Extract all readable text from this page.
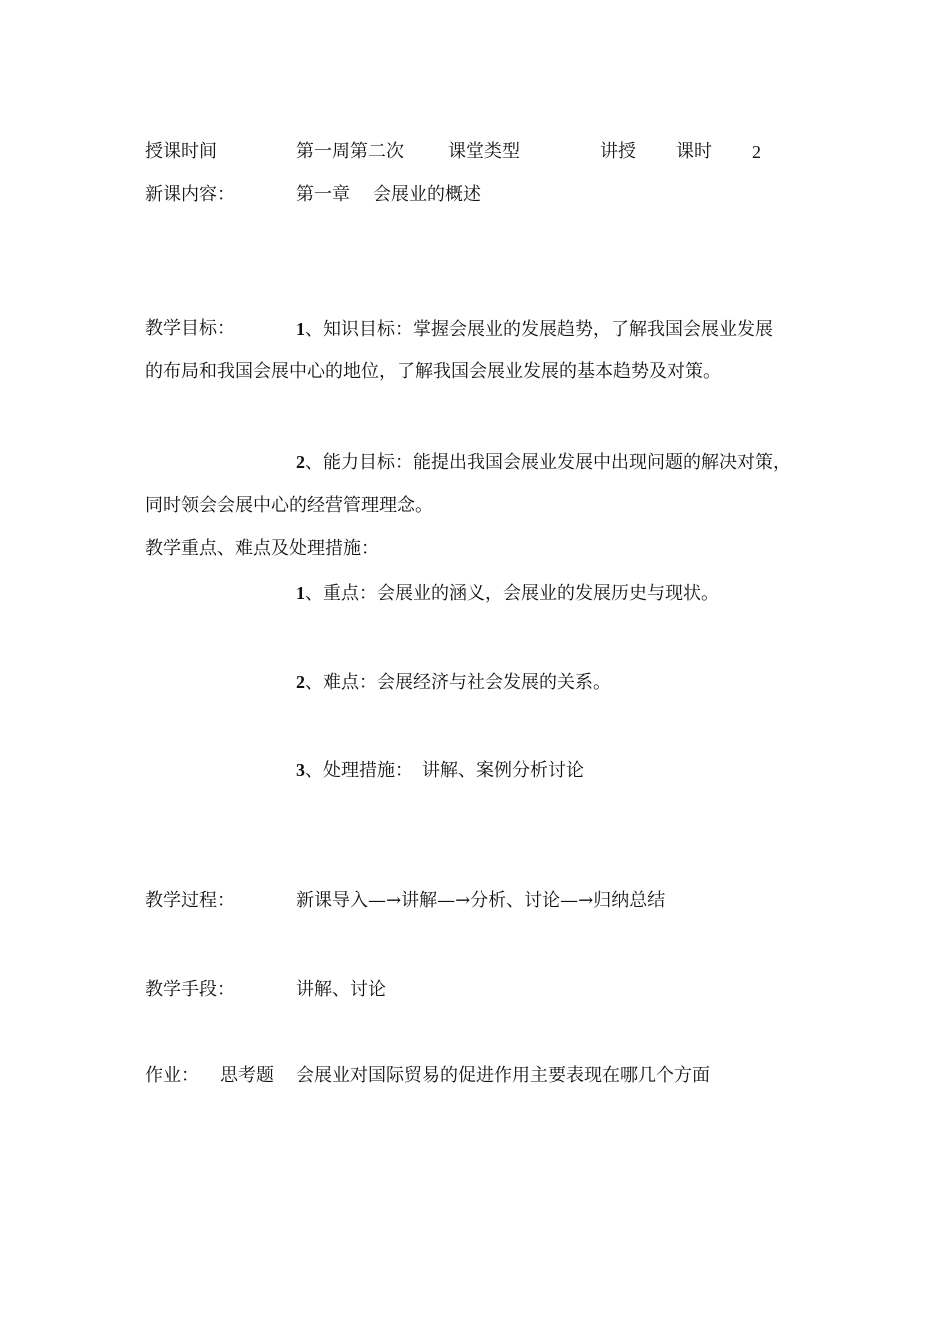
授课时间	第一周第二次 课堂类型	讲授 课时 2
新课内容：	第一章 会展业的概述
教学目标：	1、知识目标：掌握会展业的发展趋势，了解我国会展业发展
的布局和我国会展中心的地位，了解我国会展业发展的基本趋势及对策。
2、能力目标：能提出我国会展业发展中出现问题的解决对策，
同时领会会展中心的经营管理理念。
教学重点、难点及处理措施：
1、重点：会展业的涵义，会展业的发展历史与现状。
2、难点：会展经济与社会发展的关系。
3、处理措施：　讲解、案例分析讨论
教学过程：	新课导入—→讲解—→分析、讨论—→归纳总结
教学手段：	讲解、讨论
作业： 思考题 会展业对国际贸易的促进作用主要表现在哪几个方面
